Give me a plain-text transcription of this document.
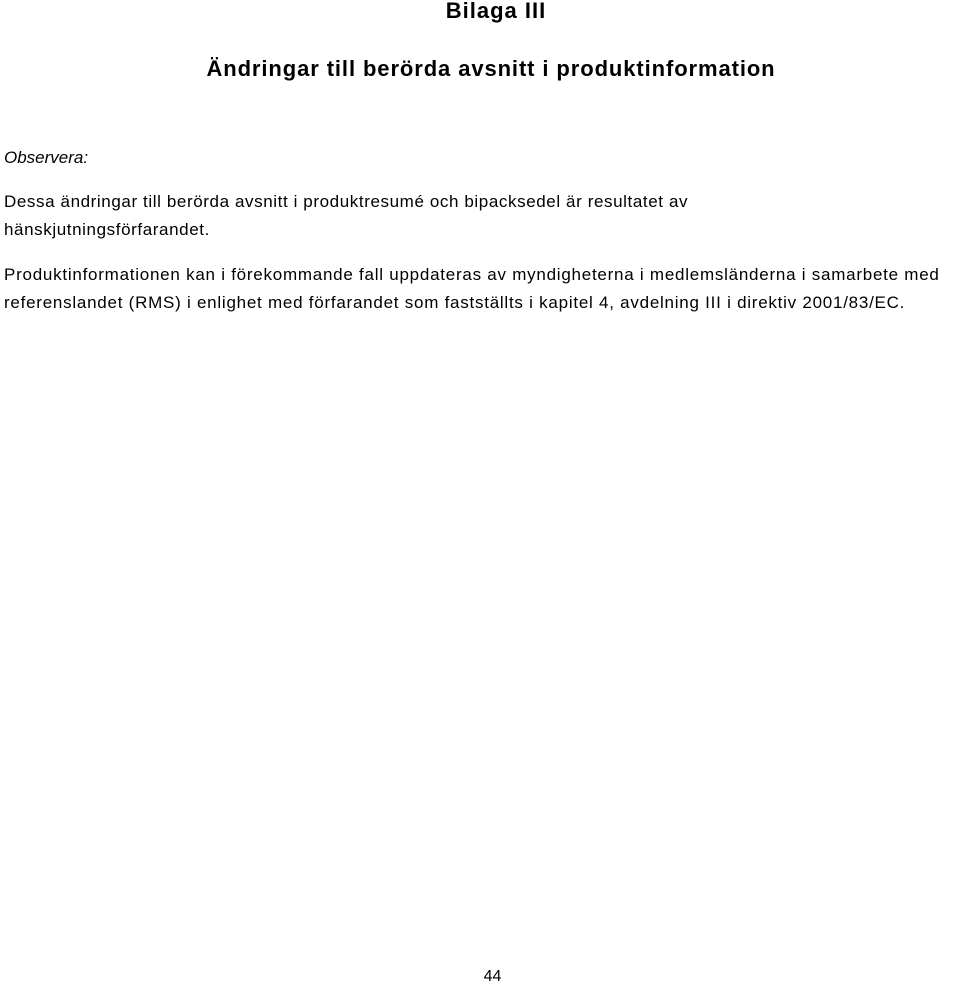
Bilaga III
Ändringar till berörda avsnitt i produktinformation

Observera:

Dessa ändringar till berörda avsnitt i produktresumé och bipacksedel är resultatet av hänskjutningsförfarandet.

Produktinformationen kan i förekommande fall uppdateras av myndigheterna i medlemsländerna i samarbete med referenslandet (RMS) i enlighet med förfarandet som fastställts i kapitel 4, avdelning III i direktiv 2001/83/EC.

44
